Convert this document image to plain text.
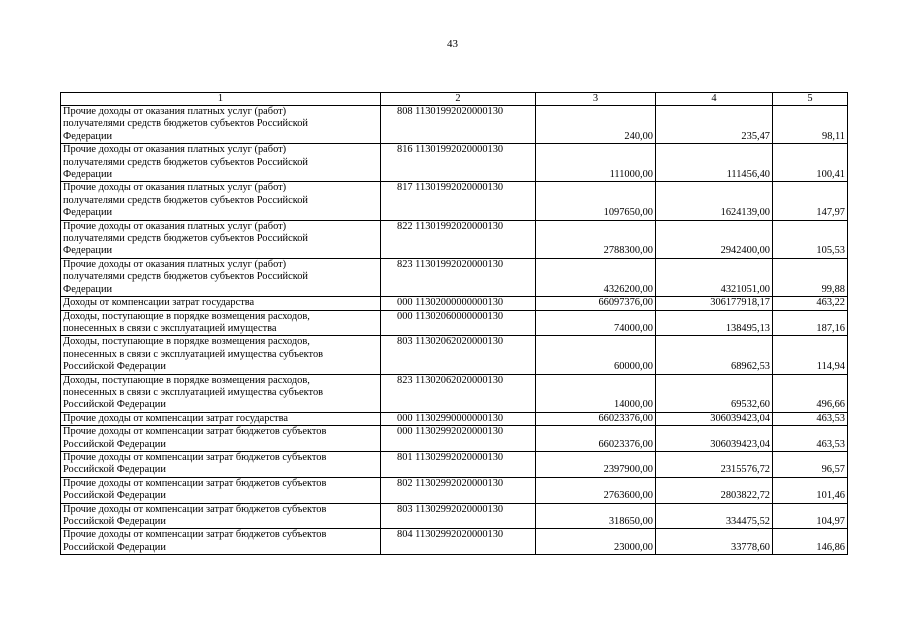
43
1	2	3	4	5
Прочие доходы от оказания платных услуг (работ)
получателями средств бюджетов субъектов Российской
Федерации	808 11301992020000130	240,00	235,47	98,11
Прочие доходы от оказания платных услуг (работ)
получателями средств бюджетов субъектов Российской
Федерации	816 11301992020000130	111000,00	111456,40	100,41
Прочие доходы от оказания платных услуг (работ)
получателями средств бюджетов субъектов Российской
Федерации	817 11301992020000130	1097650,00	1624139,00	147,97
Прочие доходы от оказания платных услуг (работ)
получателями средств бюджетов субъектов Российской
Федерации	822 11301992020000130	2788300,00	2942400,00	105,53
Прочие доходы от оказания платных услуг (работ)
получателями средств бюджетов субъектов Российской
Федерации	823 11301992020000130	4326200,00	4321051,00	99,88
Доходы от компенсации затрат государства	000 11302000000000130	66097376,00	306177918,17	463,22
Доходы, поступающие в порядке возмещения расходов,
понесенных в связи с эксплуатацией имущества	000 11302060000000130	74000,00	138495,13	187,16
Доходы, поступающие в порядке возмещения расходов,
понесенных в связи с эксплуатацией имущества субъектов
Российской Федерации	803 11302062020000130	60000,00	68962,53	114,94
Доходы, поступающие в порядке возмещения расходов,
понесенных в связи с эксплуатацией имущества субъектов
Российской Федерации	823 11302062020000130	14000,00	69532,60	496,66
Прочие доходы от компенсации затрат государства	000 11302990000000130	66023376,00	306039423,04	463,53
Прочие доходы от компенсации затрат бюджетов субъектов
Российской Федерации	000 11302992020000130	66023376,00	306039423,04	463,53
Прочие доходы от компенсации затрат бюджетов субъектов
Российской Федерации	801 11302992020000130	2397900,00	2315576,72	96,57
Прочие доходы от компенсации затрат бюджетов субъектов
Российской Федерации	802 11302992020000130	2763600,00	2803822,72	101,46
Прочие доходы от компенсации затрат бюджетов субъектов
Российской Федерации	803 11302992020000130	318650,00	334475,52	104,97
Прочие доходы от компенсации затрат бюджетов субъектов
Российской Федерации	804 11302992020000130	23000,00	33778,60	146,86
